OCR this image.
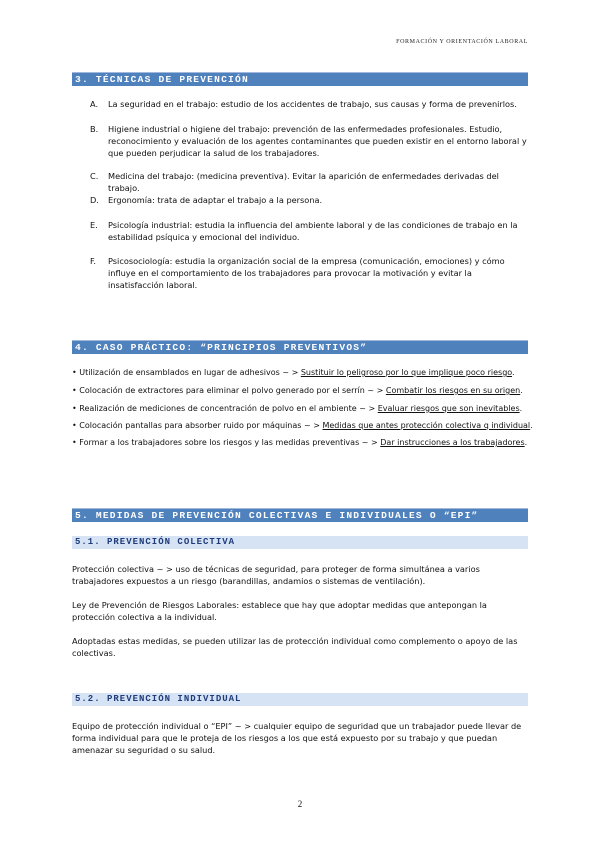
FORMACIÓN Y ORIENTACIÓN LABORAL
3. TÉCNICAS DE PREVENCIÓN
A. La seguridad en el trabajo: estudio de los accidentes de trabajo, sus causas y forma de prevenirlos.
B. Higiene industrial o higiene del trabajo: prevención de las enfermedades profesionales. Estudio, reconocimiento y evaluación de los agentes contaminantes que pueden existir en el entorno laboral y que pueden perjudicar la salud de los trabajadores.
C. Medicina del trabajo: (medicina preventiva). Evitar la aparición de enfermedades derivadas del trabajo.
D. Ergonomía: trata de adaptar el trabajo a la persona.
E. Psicología industrial: estudia la influencia del ambiente laboral y de las condiciones de trabajo en la estabilidad psíquica y emocional del individuo.
F. Psicosociología: estudia la organización social de la empresa (comunicación, emociones) y cómo influye en el comportamiento de los trabajadores para provocar la motivación y evitar la insatisfacción laboral.
4. CASO PRÁCTICO: “PRINCIPIOS PREVENTIVOS”
• Utilización de ensamblados en lugar de adhesivos ~ > Sustituir lo peligroso por lo que implique poco riesgo.
• Colocación de extractores para eliminar el polvo generado por el serrín ~ > Combatir los riesgos en su origen.
• Realización de mediciones de concentración de polvo en el ambiente ~ > Evaluar riesgos que son inevitables.
• Colocación pantallas para absorber ruido por máquinas ~ > Medidas que antes protección colectiva q individual.
• Formar a los trabajadores sobre los riesgos y las medidas preventivas ~ > Dar instrucciones a los trabajadores.
5. MEDIDAS DE PREVENCIÓN COLECTIVAS E INDIVIDUALES O “EPI”
5.1. PREVENCIÓN COLECTIVA
Protección colectiva ~ > uso de técnicas de seguridad, para proteger de forma simultánea a varios trabajadores expuestos a un riesgo (barandillas, andamios o sistemas de ventilación).
Ley de Prevención de Riesgos Laborales: establece que hay que adoptar medidas que antepongan la protección colectiva a la individual.
Adoptadas estas medidas, se pueden utilizar las de protección individual como complemento o apoyo de las colectivas.
5.2. PREVENCIÓN INDIVIDUAL
Equipo de protección individual o “EPI” ~ > cualquier equipo de seguridad que un trabajador puede llevar de forma individual para que le proteja de los riesgos a los que está expuesto por su trabajo y que puedan amenazar su seguridad o su salud.
2
